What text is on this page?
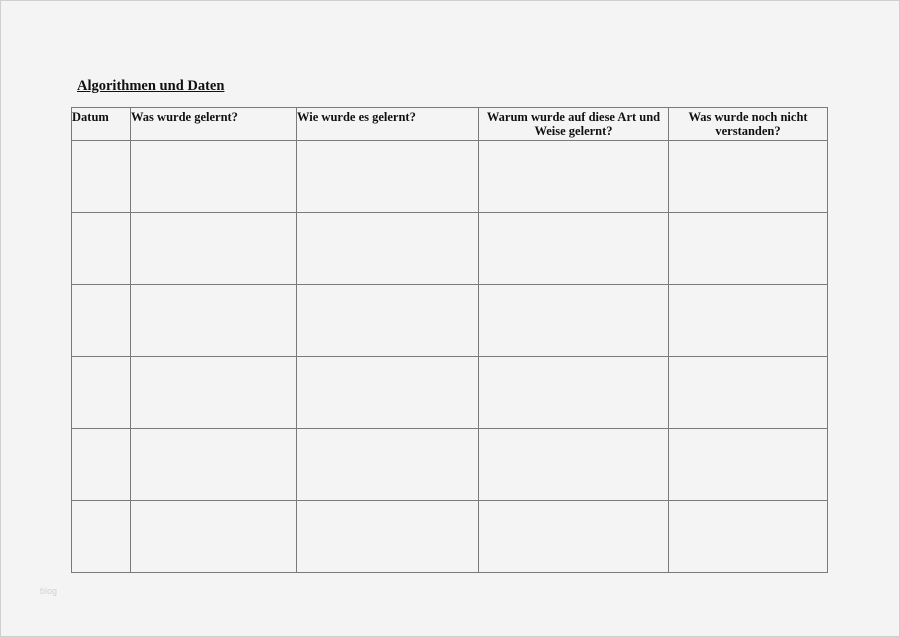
Algorithmen und Daten
Datum	Was wurde gelernt?	Wie wurde es gelernt?	Warum wurde auf diese Art und Weise gelernt?	Was wurde noch nicht verstanden?

blog
